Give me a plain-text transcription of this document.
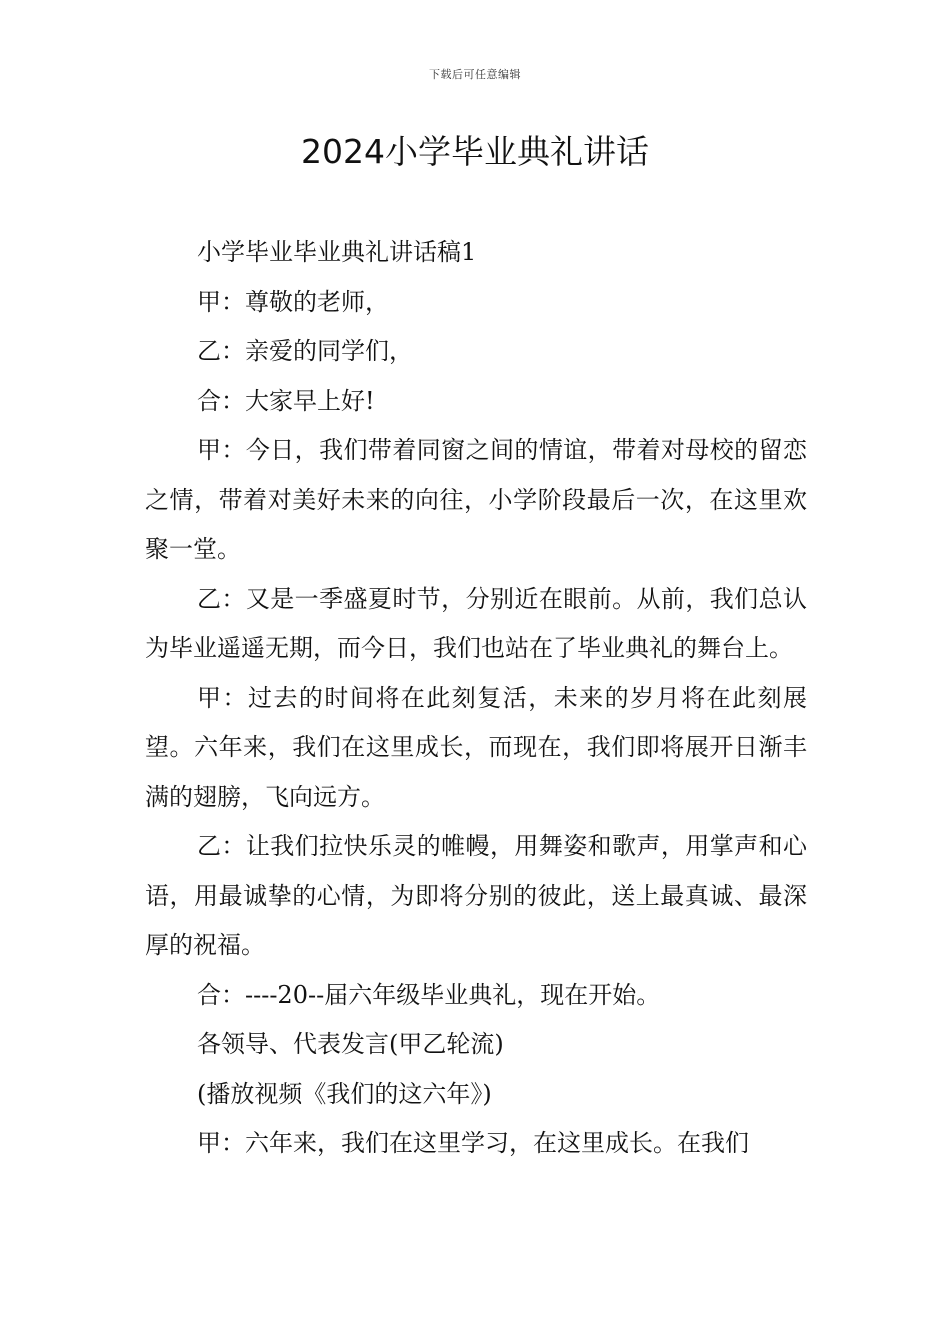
下载后可任意编辑
2024小学毕业典礼讲话

小学毕业毕业典礼讲话稿1

甲：尊敬的老师，

乙：亲爱的同学们，

合：大家早上好!

甲：今日，我们带着同窗之间的情谊，带着对母校的留恋之情，带着对美好未来的向往，小学阶段最后一次，在这里欢聚一堂。

乙：又是一季盛夏时节，分别近在眼前。从前，我们总认为毕业遥遥无期，而今日，我们也站在了毕业典礼的舞台上。

甲：过去的时间将在此刻复活，未来的岁月将在此刻展望。六年来，我们在这里成长，而现在，我们即将展开日渐丰满的翅膀，飞向远方。

乙：让我们拉快乐灵的帷幔，用舞姿和歌声，用掌声和心语，用最诚挚的心情，为即将分别的彼此，送上最真诚、最深厚的祝福。

合：----20--届六年级毕业典礼，现在开始。

各领导、代表发言(甲乙轮流)

(播放视频《我们的这六年》)

甲：六年来，我们在这里学习，在这里成长。在我们
